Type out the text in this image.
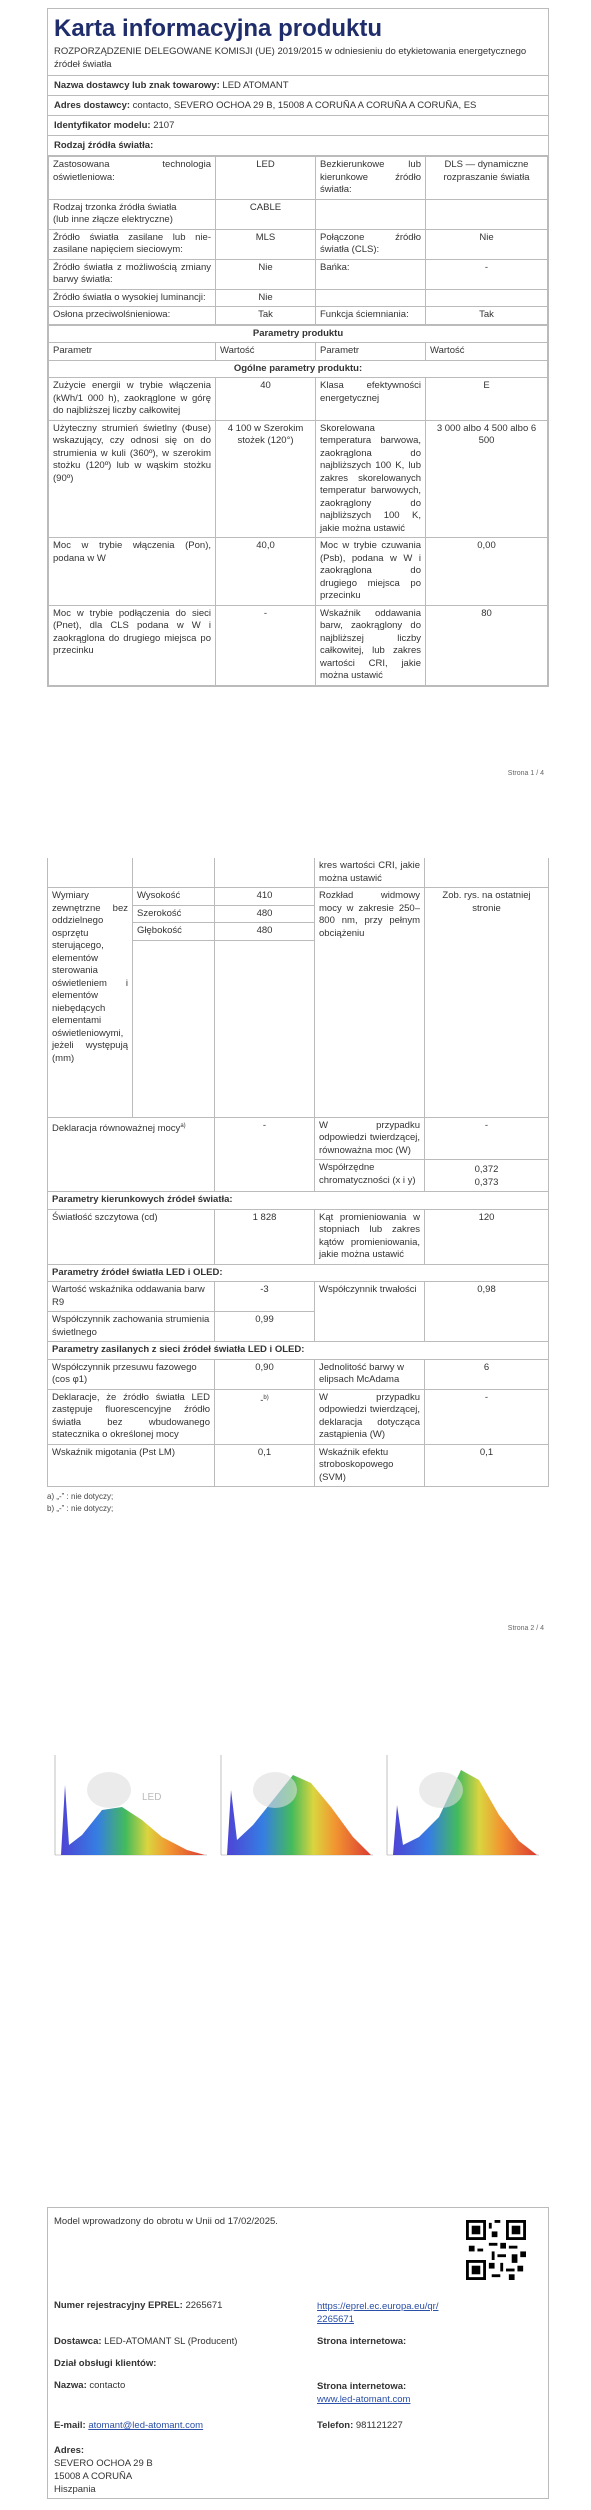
Karta informacyjna produktu
ROZPORZĄDZENIE DELEGOWANE KOMISJI (UE) 2019/2015 w odniesieniu do etykietowania energetycznego źródeł światła
Nazwa dostawcy lub znak towarowy: LED ATOMANT
Adres dostawcy: contacto, SEVERO OCHOA 29 B, 15008 A CORUÑA A CORUÑA A CORUÑA, ES
Identyfikator modelu: 2107
Rodzaj źródła światła:
Zastosowana technologia oświetleniowa:	LED	Bezkierunkowe lub kierunkowe źródło światła:	DLS — dynamiczne rozpraszanie światła
Rodzaj trzonka źródła światła
(lub inne złącze elektryczne)	CABLE		
Źródło światła zasilane lub nie-zasilane napięciem sieciowym:	MLS	Połączone źródło światła (CLS):	Nie
Źródło światła z możliwością zmiany barwy światła:	Nie	Bańka:	-
Źródło światła o wysokiej luminancji:	Nie		
Osłona przeciwolśnieniowa:	Tak	Funkcja ściemniania:	Tak
Parametry produktu			
Parametr	Wartość	Parametr	Wartość
Ogólne parametry produktu:			
Zużycie energii w trybie włączenia (kWh/1 000 h), zaokrąglone w górę do najbliższej liczby całkowitej	40	Klasa efektywności energetycznej	E
Użyteczny strumień świetlny (Φuse) wskazujący, czy odnosi się on do strumienia w kuli (360º), w szerokim stożku (120º) lub w wąskim stożku (90º)	4 100 w Szerokim stożek (120°)	Skorelowana temperatura barwowa, zaokrąglona do najbliższych 100 K, lub zakres skorelowanych temperatur barwowych, zaokrąglony do najbliższych 100 K, jakie można ustawić	3 000 albo 4 500 albo 6 500
Moc w trybie włączenia (Pon), podana w W	40,0	Moc w trybie czuwania (Psb), podana w W i zaokrąglona do drugiego miejsca po przecinku	0,00
Moc w trybie podłączenia do sieci (Pnet), dla CLS podana w W i zaokrąglona do drugiego miejsca po przecinku	-	Wskaźnik oddawania barw, zaokrąglony do najbliższej liczby całkowitej, lub zakres wartości CRI, jakie można ustawić	80
Strona 1 / 4
			kres wartości CRI, jakie można ustawić	
Wymiary zewnętrzne bez oddzielnego osprzętu sterującego, elementów sterowania oświetleniem i elementów niebędących elementami oświetleniowymi, jeżeli występują (mm)	Wysokość	410	Rozkład widmowy mocy w zakresie 250–800 nm, przy pełnym obciążeniu	Zob. rys. na ostatniej stronie
	Szerokość	480		
	Głębokość	480		

Deklaracja równoważnej mocy$^{a)}$		-	W przypadku odpowiedzi twierdzącej, równoważna moc (W)	-
			Współrzędne chromatyczności (x i y)	0,372
0,373

Parametry kierunkowych źródeł światła:				
Światłość szczytowa (cd)		1 828	Kąt promieniowania w stopniach lub zakres kątów promieniowania, jakie można ustawić	120
Parametry źródeł światła LED i OLED:				
Wartość wskaźnika oddawania barw R9		-3	Współczynnik trwałości	0,98
Współczynnik zachowania strumienia świetlnego		0,99		
Parametry zasilanych z sieci źródeł światła LED i OLED:				
Współczynnik przesuwu fazowego (cos φ1)		0,90	Jednolitość barwy w elipsach McAdama	6
Deklaracje, że źródło światła LED zastępuje fluorescencyjne źródło światła bez wbudowanego statecznika o określonej mocy		-$^{b)}$	W przypadku odpowiedzi twierdzącej, deklaracja dotycząca zastąpienia (W)	-
Wskaźnik migotania (Pst LM)		0,1	Wskaźnik efektu stroboskopowego (SVM)	0,1
a) „-” : nie dotyczy;
b) „-” : nie dotyczy;
Strona 2 / 4
LED
Model wprowadzony do obrotu w Unii od 17/02/2025.
Numer rejestracyjny EPREL: 2265671	https://eprel.ec.europa.eu/qr/2265671
Dostawca: LED-ATOMANT SL (Producent)	Strona internetowa:
Dział obsługi klientów:
Nazwa: contacto	Strona internetowa: www.led-atomant.com
E-mail: atomant@led-atomant.com	Telefon: 981121227
Adres:
SEVERO OCHOA 29 B
15008 A CORUÑA
Hiszpania
